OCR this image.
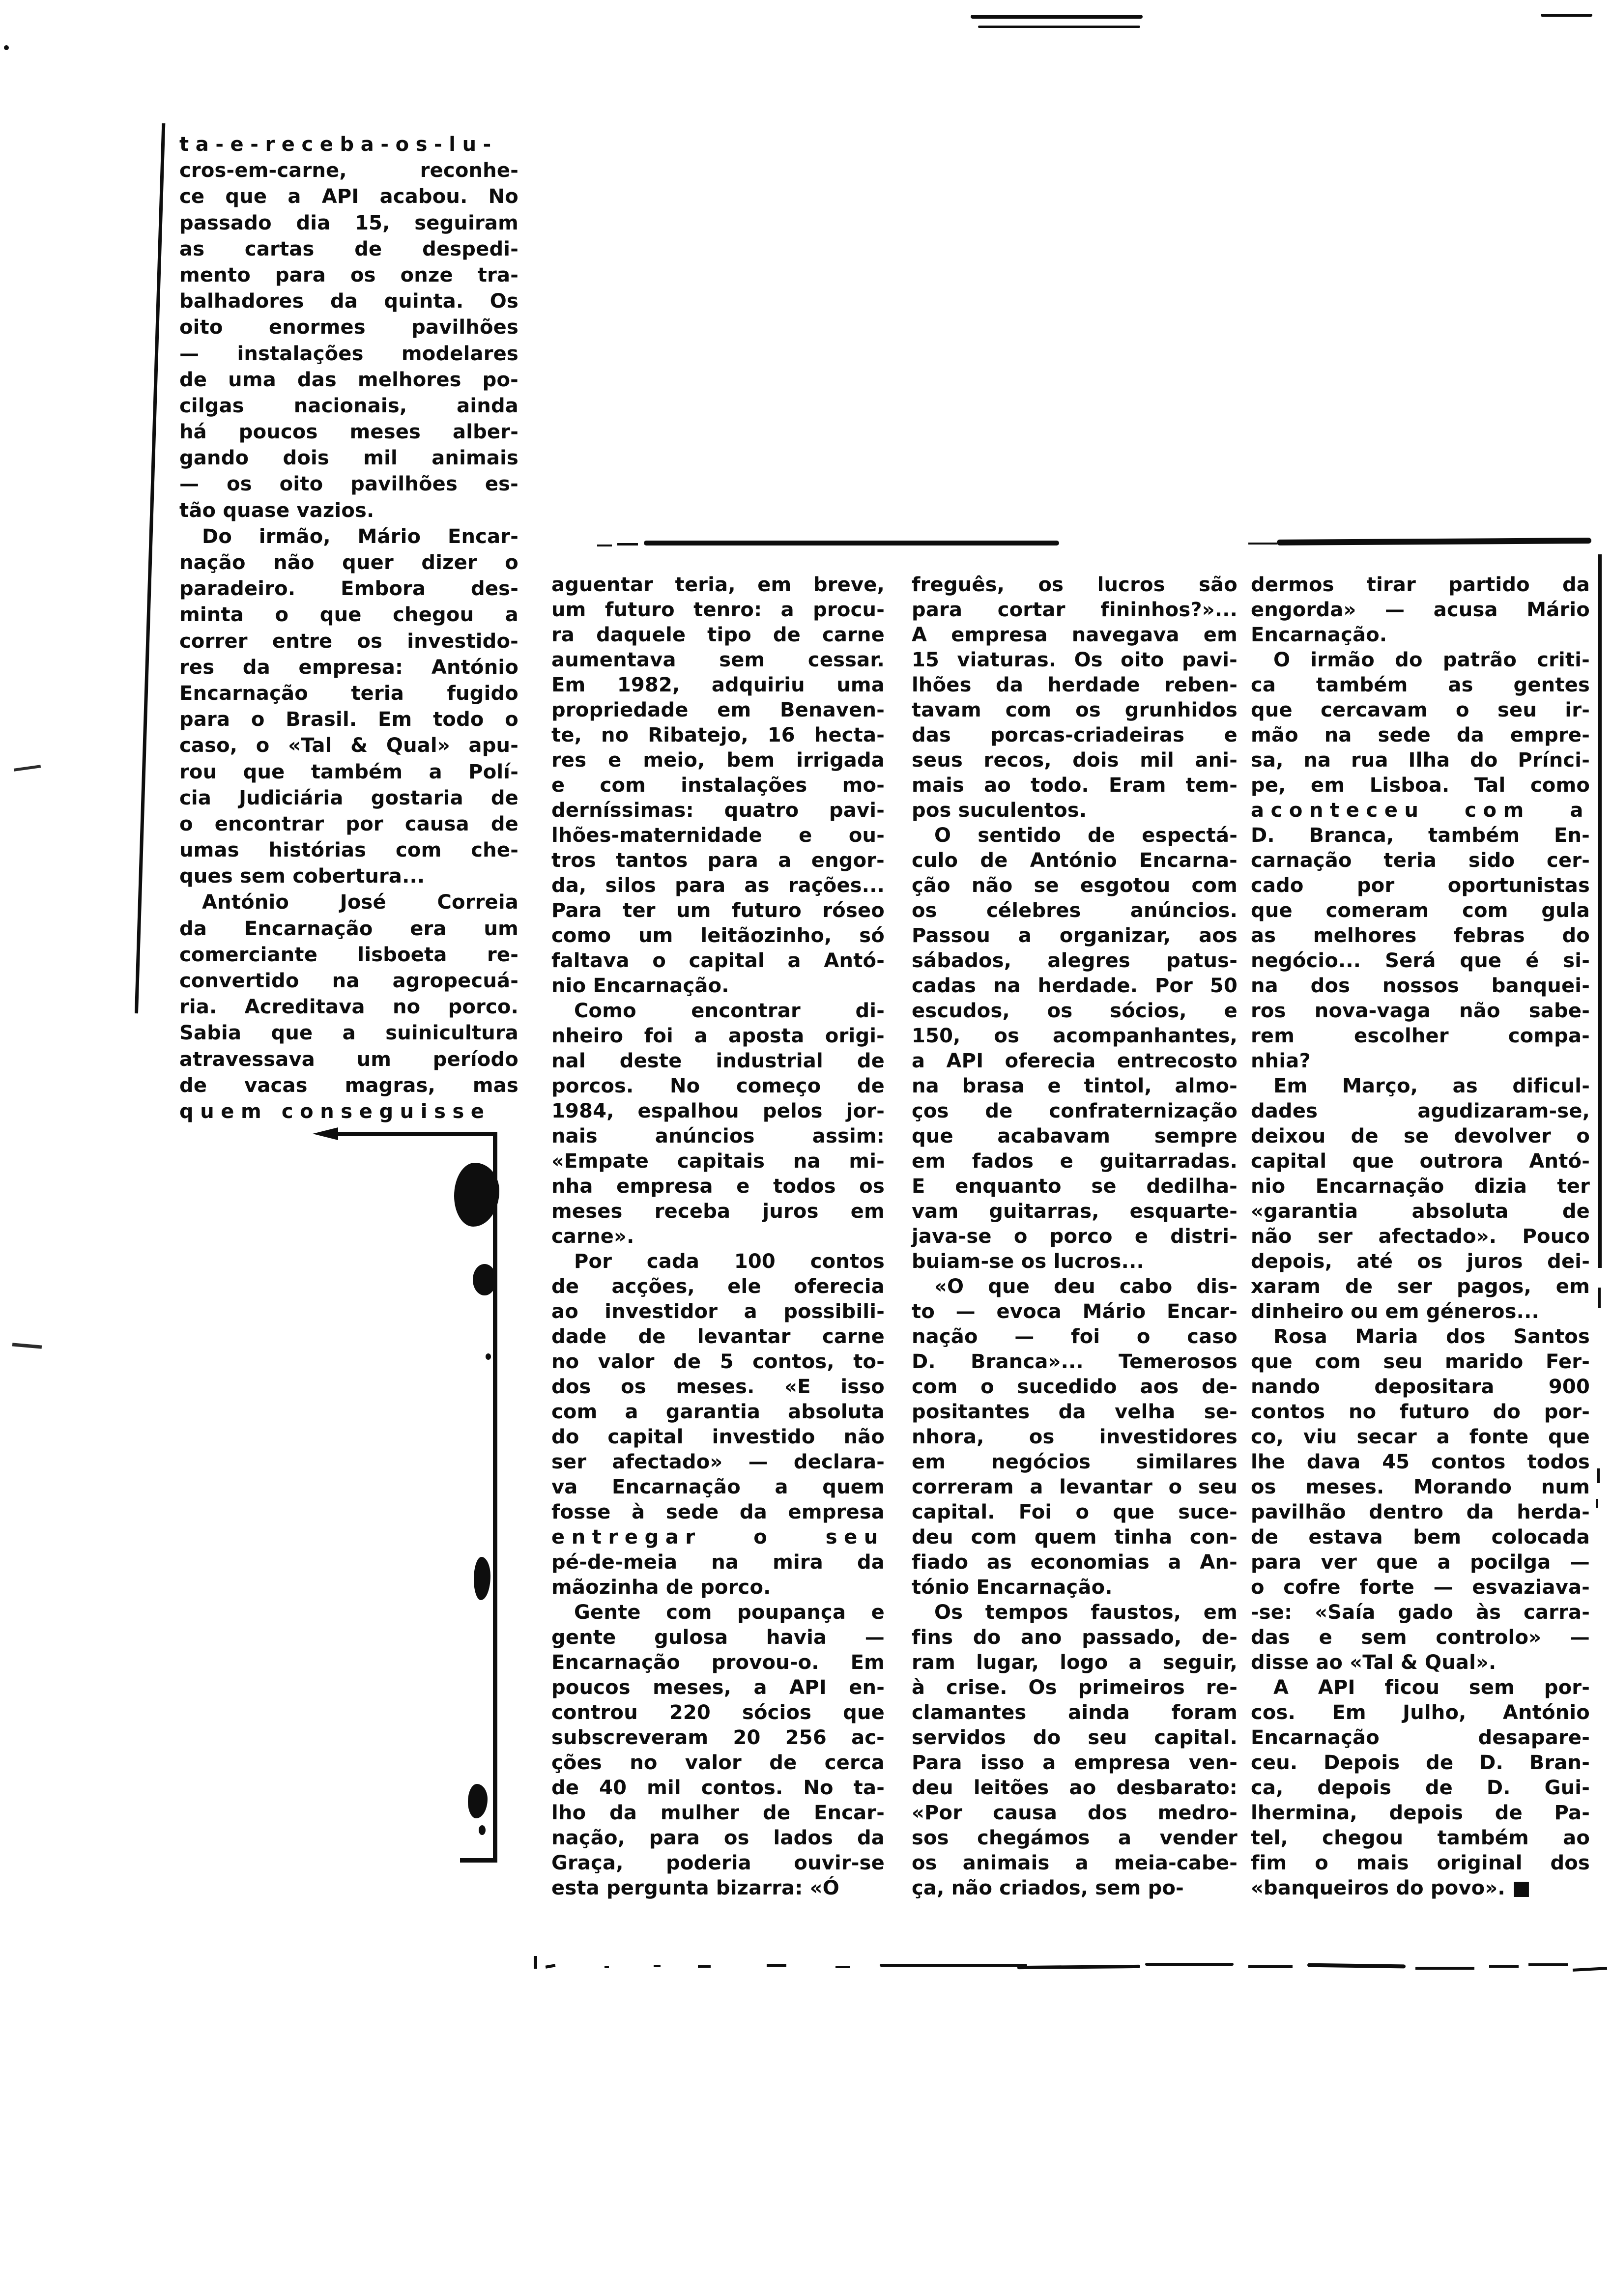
ta-e-receba-os-lu-
cros-em-carne, reconhe-
ce que a API acabou. No
passado dia 15, seguiram
as cartas de despedi-
mento para os onze tra-
balhadores da quinta. Os
oito enormes pavilhões
— instalações modelares
de uma das melhores po-
cilgas nacionais, ainda
há poucos meses alber-
gando dois mil animais
— os oito pavilhões es-
tão quase vazios.
Do irmão, Mário Encar-
nação não quer dizer o
paradeiro. Embora des-
minta o que chegou a
correr entre os investido-
res da empresa: António
Encarnação teria fugido
para o Brasil. Em todo o
caso, o «Tal & Qual» apu-
rou que também a Polí-
cia Judiciária gostaria de
o encontrar por causa de
umas histórias com che-
ques sem cobertura...
António José Correia
da Encarnação era um
comerciante lisboeta re-
convertido na agropecuá-
ria. Acreditava no porco.
Sabia que a suinicultura
atravessava um período
de vacas magras, mas
quem conseguisse
aguentar teria, em breve,
um futuro tenro: a procu-
ra daquele tipo de carne
aumentava sem cessar.
Em 1982, adquiriu uma
propriedade em Benaven-
te, no Ribatejo, 16 hecta-
res e meio, bem irrigada
e com instalações mo-
derníssimas: quatro pavi-
lhões-maternidade e ou-
tros tantos para a engor-
da, silos para as rações...
Para ter um futuro róseo
como um leitãozinho, só
faltava o capital a Antó-
nio Encarnação.
Como encontrar di-
nheiro foi a aposta origi-
nal deste industrial de
porcos. No começo de
1984, espalhou pelos jor-
nais anúncios assim:
«Empate capitais na mi-
nha empresa e todos os
meses receba juros em
carne».
Por cada 100 contos
de acções, ele oferecia
ao investidor a possibili-
dade de levantar carne
no valor de 5 contos, to-
dos os meses. «E isso
com a garantia absoluta
do capital investido não
ser afectado» — declara-
va Encarnação a quem
fosse à sede da empresa
entregar o seu
pé-de-meia na mira da
mãozinha de porco.
Gente com poupança e
gente gulosa havia —
Encarnação provou-o. Em
poucos meses, a API en-
controu 220 sócios que
subscreveram 20 256 ac-
ções no valor de cerca
de 40 mil contos. No ta-
lho da mulher de Encar-
nação, para os lados da
Graça, poderia ouvir-se
esta pergunta bizarra: «Ó
freguês, os lucros são
para cortar fininhos?»...
A empresa navegava em
15 viaturas. Os oito pavi-
lhões da herdade reben-
tavam com os grunhidos
das porcas-criadeiras e
seus recos, dois mil ani-
mais ao todo. Eram tem-
pos suculentos.
O sentido de espectá-
culo de António Encarna-
ção não se esgotou com
os célebres anúncios.
Passou a organizar, aos
sábados, alegres patus-
cadas na herdade. Por 50
escudos, os sócios, e
150, os acompanhantes,
a API oferecia entrecosto
na brasa e tintol, almo-
ços de confraternização
que acabavam sempre
em fados e guitarradas.
E enquanto se dedilha-
vam guitarras, esquarte-
java-se o porco e distri-
buiam-se os lucros...
«O que deu cabo dis-
to — evoca Mário Encar-
nação — foi o caso
D. Branca»... Temerosos
com o sucedido aos de-
positantes da velha se-
nhora, os investidores
em negócios similares
correram a levantar o seu
capital. Foi o que suce-
deu com quem tinha con-
fiado as economias a An-
tónio Encarnação.
Os tempos faustos, em
fins do ano passado, de-
ram lugar, logo a seguir,
à crise. Os primeiros re-
clamantes ainda foram
servidos do seu capital.
Para isso a empresa ven-
deu leitões ao desbarato:
«Por causa dos medro-
sos chegámos a vender
os animais a meia-cabe-
ça, não criados, sem po-
dermos tirar partido da
engorda» — acusa Mário
Encarnação.
O irmão do patrão criti-
ca também as gentes
que cercavam o seu ir-
mão na sede da empre-
sa, na rua Ilha do Prínci-
pe, em Lisboa. Tal como
aconteceu com a
D. Branca, também En-
carnação teria sido cer-
cado por oportunistas
que comeram com gula
as melhores febras do
negócio... Será que é si-
na dos nossos banquei-
ros nova-vaga não sabe-
rem escolher compa-
nhia?
Em Março, as dificul-
dades agudizaram-se,
deixou de se devolver o
capital que outrora Antó-
nio Encarnação dizia ter
«garantia absoluta de
não ser afectado». Pouco
depois, até os juros dei-
xaram de ser pagos, em
dinheiro ou em géneros...
Rosa Maria dos Santos
que com seu marido Fer-
nando depositara 900
contos no futuro do por-
co, viu secar a fonte que
lhe dava 45 contos todos
os meses. Morando num
pavilhão dentro da herda-
de estava bem colocada
para ver que a pocilga —
o cofre forte — esvaziava-
-se: «Saía gado às carra-
das e sem controlo» —
disse ao «Tal & Qual».
A API ficou sem por-
cos. Em Julho, António
Encarnação desapare-
ceu. Depois de D. Bran-
ca, depois de D. Gui-
lhermina, depois de Pa-
tel, chegou também ao
fim o mais original dos
«banqueiros do povo». ■
